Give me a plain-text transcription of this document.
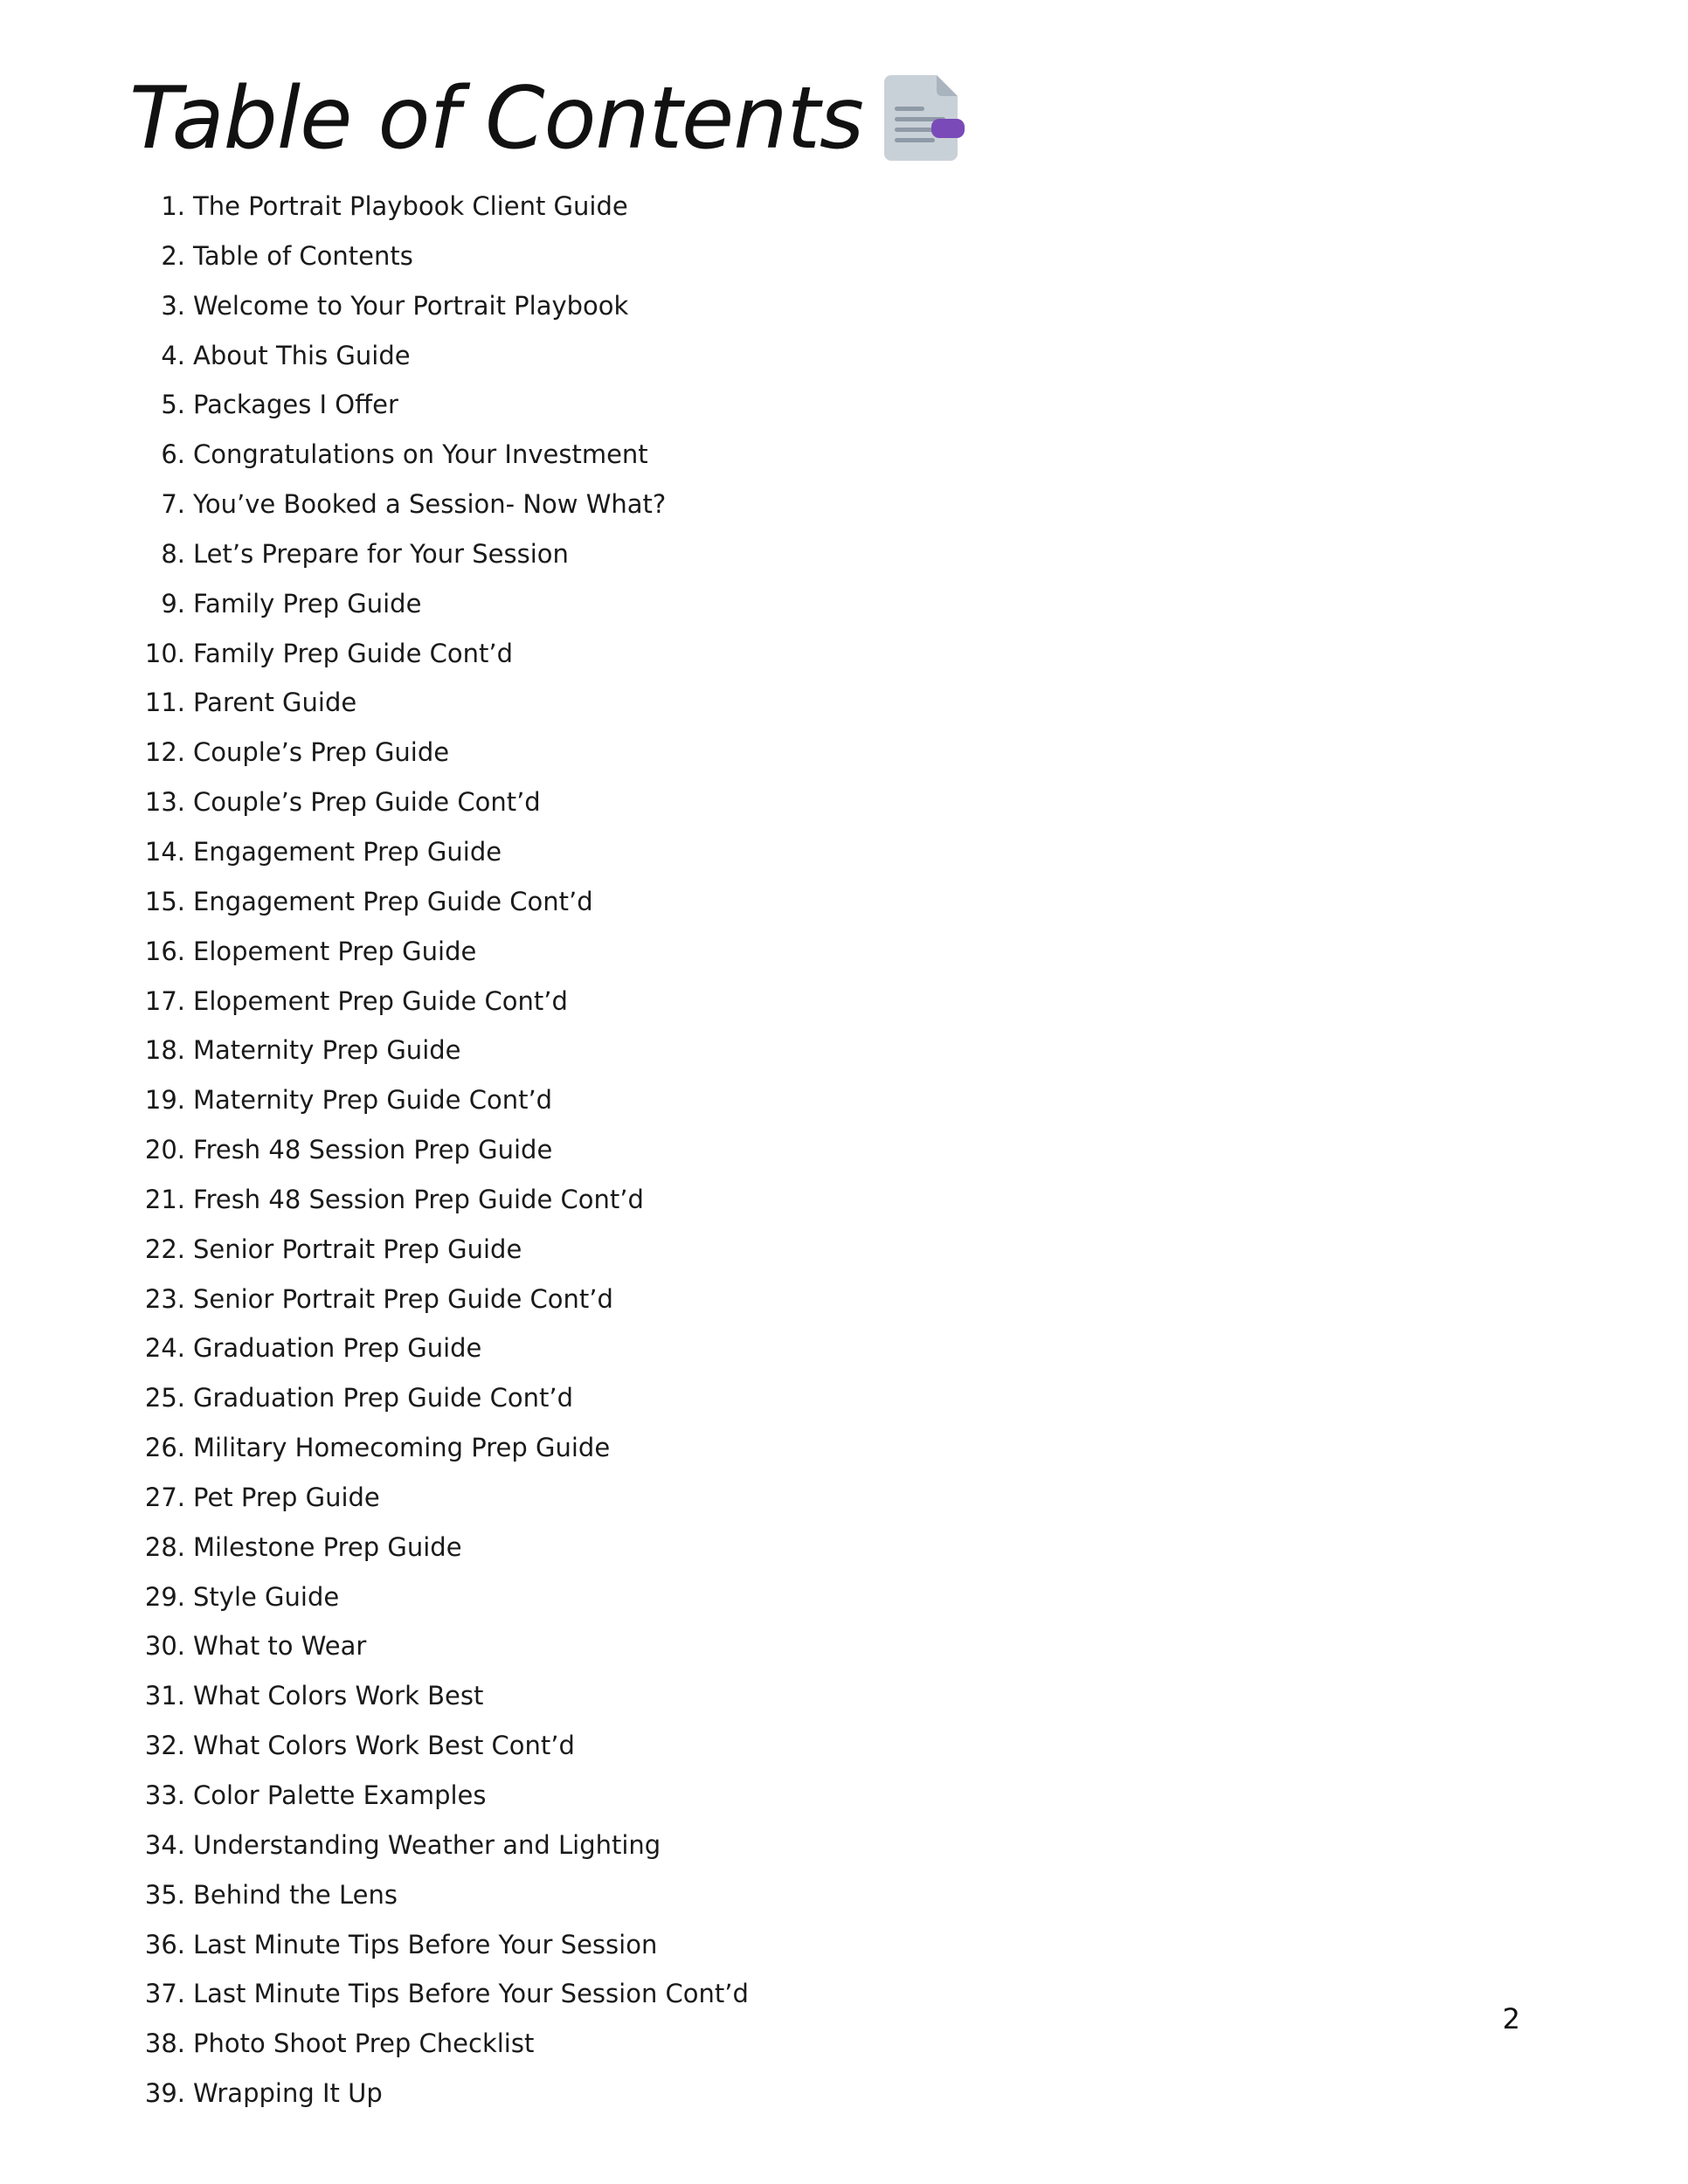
Table of Contents
1. The Portrait Playbook Client Guide
2. Table of Contents
3. Welcome to Your Portrait Playbook
4. About This Guide
5. Packages I Offer
6. Congratulations on Your Investment
7. You’ve Booked a Session- Now What?
8. Let’s Prepare for Your Session
9. Family Prep Guide
10. Family Prep Guide Cont’d
11. Parent Guide
12. Couple’s Prep Guide
13. Couple’s Prep Guide Cont’d
14. Engagement Prep Guide
15. Engagement Prep Guide Cont’d
16. Elopement Prep Guide
17. Elopement Prep Guide Cont’d
18. Maternity Prep Guide
19. Maternity Prep Guide Cont’d
20. Fresh 48 Session Prep Guide
21. Fresh 48 Session Prep Guide Cont’d
22. Senior Portrait Prep Guide
23. Senior Portrait Prep Guide Cont’d
24. Graduation Prep Guide
25. Graduation Prep Guide Cont’d
26. Military Homecoming Prep Guide
27. Pet Prep Guide
28. Milestone Prep Guide
29. Style Guide
30. What to Wear
31. What Colors Work Best
32. What Colors Work Best Cont’d
33. Color Palette Examples
34. Understanding Weather and Lighting
35. Behind the Lens
36. Last Minute Tips Before Your Session
37. Last Minute Tips Before Your Session Cont’d
38. Photo Shoot Prep Checklist
39. Wrapping It Up
2
